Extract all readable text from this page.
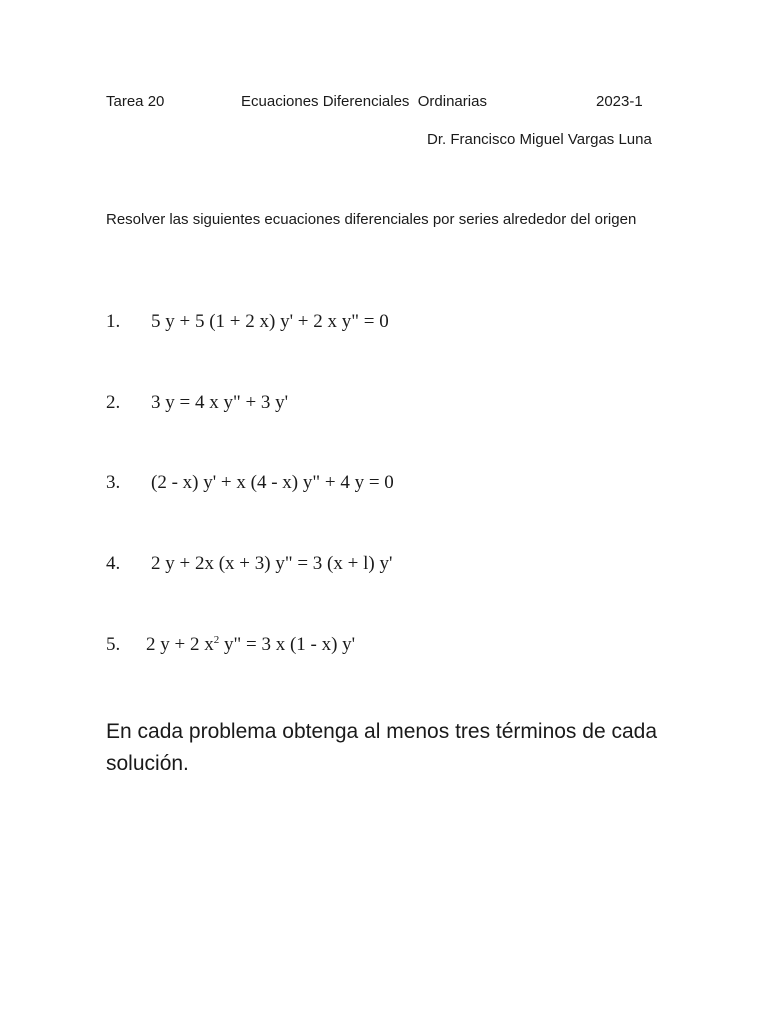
Tarea 20	Ecuaciones Diferenciales  Ordinarias	2023-1
Dr. Francisco Miguel Vargas Luna
Resolver las siguientes ecuaciones diferenciales por series alrededor del origen
1. 5 y + 5 (1 + 2 x) y' + 2 x y" = 0
2. 3 y = 4 x y" + 3 y'
3. (2 - x) y' + x (4 - x) y" + 4 y = 0
4. 2 y + 2x (x + 3) y" = 3 (x + l) y'
5. 2 y + 2 $x^2$ y" = 3 x (1 - x) y'
En cada problema obtenga al menos tres términos de cada solución.
